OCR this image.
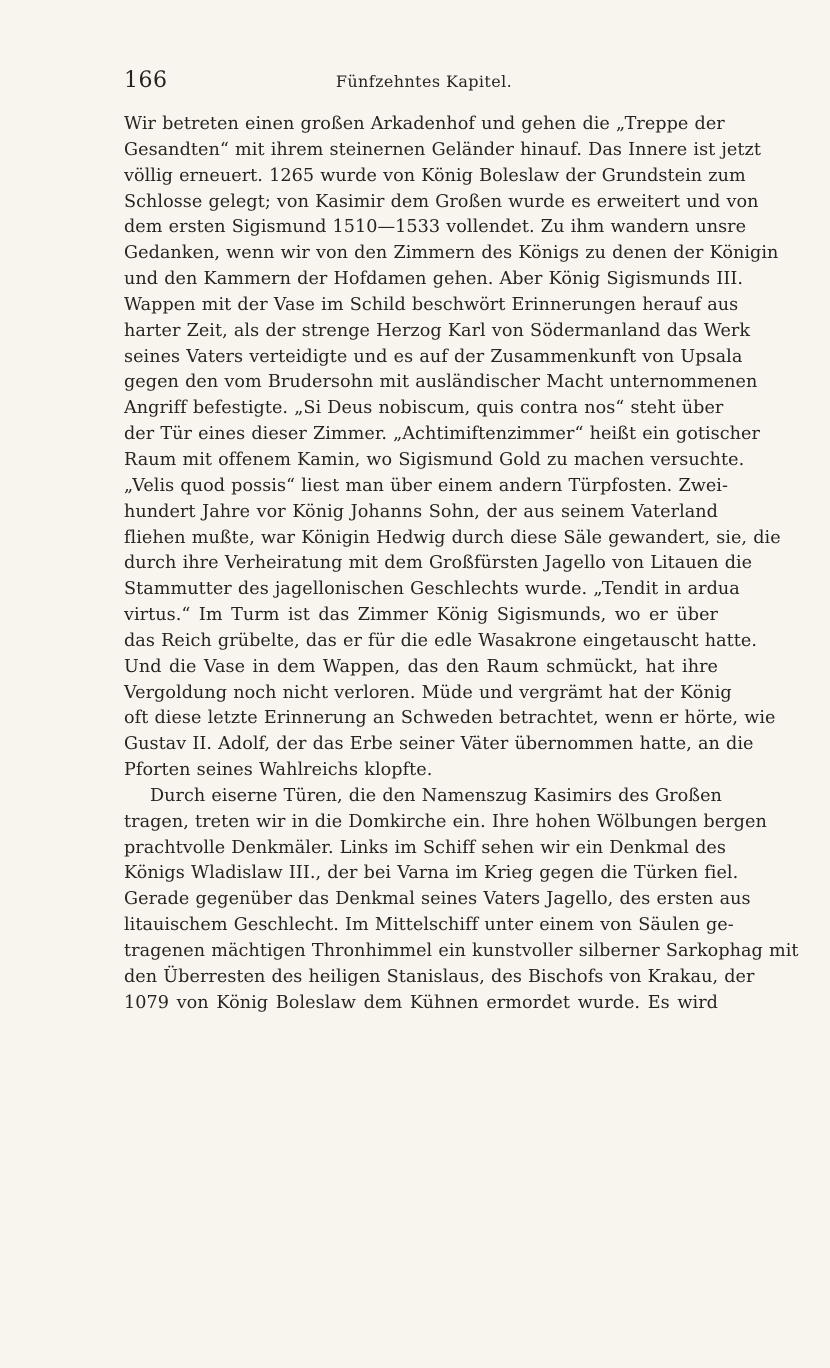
166	Fünfzehntes Kapitel.
Wir betreten einen großen Arkadenhof und gehen die „Treppe der
Gesandten“ mit ihrem steinernen Geländer hinauf. Das Innere ist jetzt
völlig erneuert. 1265 wurde von König Boleslaw der Grundstein zum
Schlosse gelegt; von Kasimir dem Großen wurde es erweitert und von
dem ersten Sigismund 1510—1533 vollendet. Zu ihm wandern unsre
Gedanken, wenn wir von den Zimmern des Königs zu denen der Königin
und den Kammern der Hofdamen gehen. Aber König Sigismunds III.
Wappen mit der Vase im Schild beschwört Erinnerungen herauf aus
harter Zeit, als der strenge Herzog Karl von Södermanland das Werk
seines Vaters verteidigte und es auf der Zusammenkunft von Upsala
gegen den vom Brudersohn mit ausländischer Macht unternommenen
Angriff befestigte. „Si Deus nobiscum, quis contra nos“ steht über
der Tür eines dieser Zimmer. „Achtimiftenzimmer“ heißt ein gotischer
Raum mit offenem Kamin, wo Sigismund Gold zu machen versuchte.
„Velis quod possis“ liest man über einem andern Türpfosten. Zwei-
hundert Jahre vor König Johanns Sohn, der aus seinem Vaterland
fliehen mußte, war Königin Hedwig durch diese Säle gewandert, sie, die
durch ihre Verheiratung mit dem Großfürsten Jagello von Litauen die
Stammutter des jagellonischen Geschlechts wurde. „Tendit in ardua
virtus.“ Im Turm ist das Zimmer König Sigismunds, wo er über
das Reich grübelte, das er für die edle Wasakrone eingetauscht hatte.
Und die Vase in dem Wappen, das den Raum schmückt, hat ihre
Vergoldung noch nicht verloren. Müde und vergrämt hat der König
oft diese letzte Erinnerung an Schweden betrachtet, wenn er hörte, wie
Gustav II. Adolf, der das Erbe seiner Väter übernommen hatte, an die
Pforten seines Wahlreichs klopfte.
Durch eiserne Türen, die den Namenszug Kasimirs des Großen
tragen, treten wir in die Domkirche ein. Ihre hohen Wölbungen bergen
prachtvolle Denkmäler. Links im Schiff sehen wir ein Denkmal des
Königs Wladislaw III., der bei Varna im Krieg gegen die Türken fiel.
Gerade gegenüber das Denkmal seines Vaters Jagello, des ersten aus
litauischem Geschlecht. Im Mittelschiff unter einem von Säulen ge-
tragenen mächtigen Thronhimmel ein kunstvoller silberner Sarkophag mit
den Überresten des heiligen Stanislaus, des Bischofs von Krakau, der
1079 von König Boleslaw dem Kühnen ermordet wurde. Es wird
